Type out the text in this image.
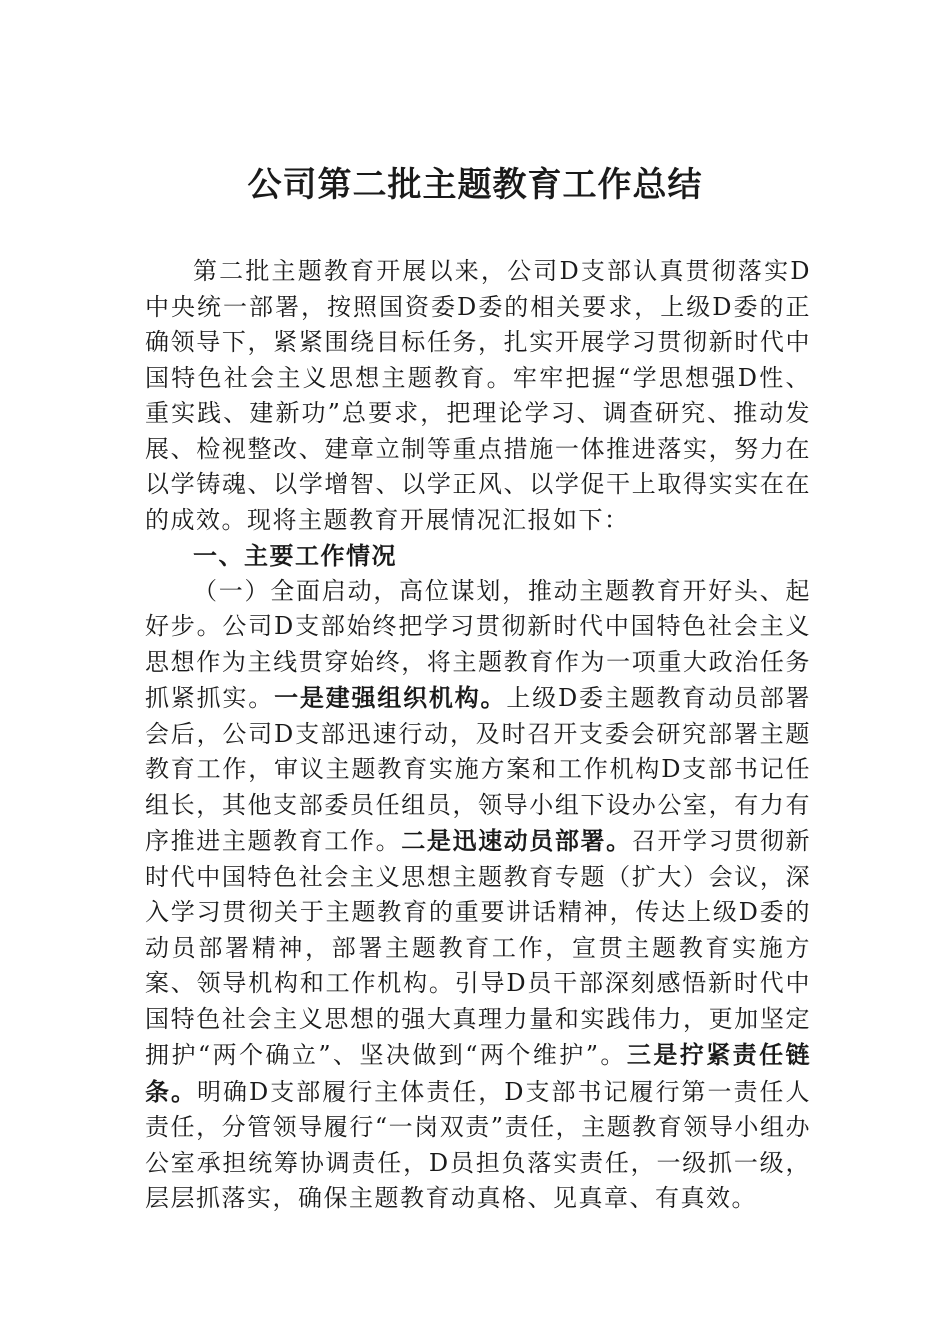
公司第二批主题教育工作总结

第二批主题教育开展以来，公司D支部认真贯彻落实D中央统一部署，按照国资委D委的相关要求，上级D委的正确领导下，紧紧围绕目标任务，扎实开展学习贯彻新时代中国特色社会主义思想主题教育。牢牢把握“学思想强D性、重实践、建新功”总要求，把理论学习、调查研究、推动发展、检视整改、建章立制等重点措施一体推进落实，努力在以学铸魂、以学增智、以学正风、以学促干上取得实实在在的成效。现将主题教育开展情况汇报如下：

一、主要工作情况

（一）全面启动，高位谋划，推动主题教育开好头、起好步。公司D支部始终把学习贯彻新时代中国特色社会主义思想作为主线贯穿始终，将主题教育作为一项重大政治任务抓紧抓实。一是建强组织机构。上级D委主题教育动员部署会后，公司D支部迅速行动，及时召开支委会研究部署主题教育工作，审议主题教育实施方案和工作机构D支部书记任组长，其他支部委员任组员，领导小组下设办公室，有力有序推进主题教育工作。二是迅速动员部署。召开学习贯彻新时代中国特色社会主义思想主题教育专题（扩大）会议，深入学习贯彻关于主题教育的重要讲话精神，传达上级D委的动员部署精神，部署主题教育工作，宣贯主题教育实施方案、领导机构和工作机构。引导D员干部深刻感悟新时代中国特色社会主义思想的强大真理力量和实践伟力，更加坚定拥护“两个确立”、坚决做到“两个维护”。三是拧紧责任链条。明确D支部履行主体责任，D支部书记履行第一责任人责任，分管领导履行“一岗双责”责任，主题教育领导小组办公室承担统筹协调责任，D员担负落实责任，一级抓一级，层层抓落实，确保主题教育动真格、见真章、有真效。
